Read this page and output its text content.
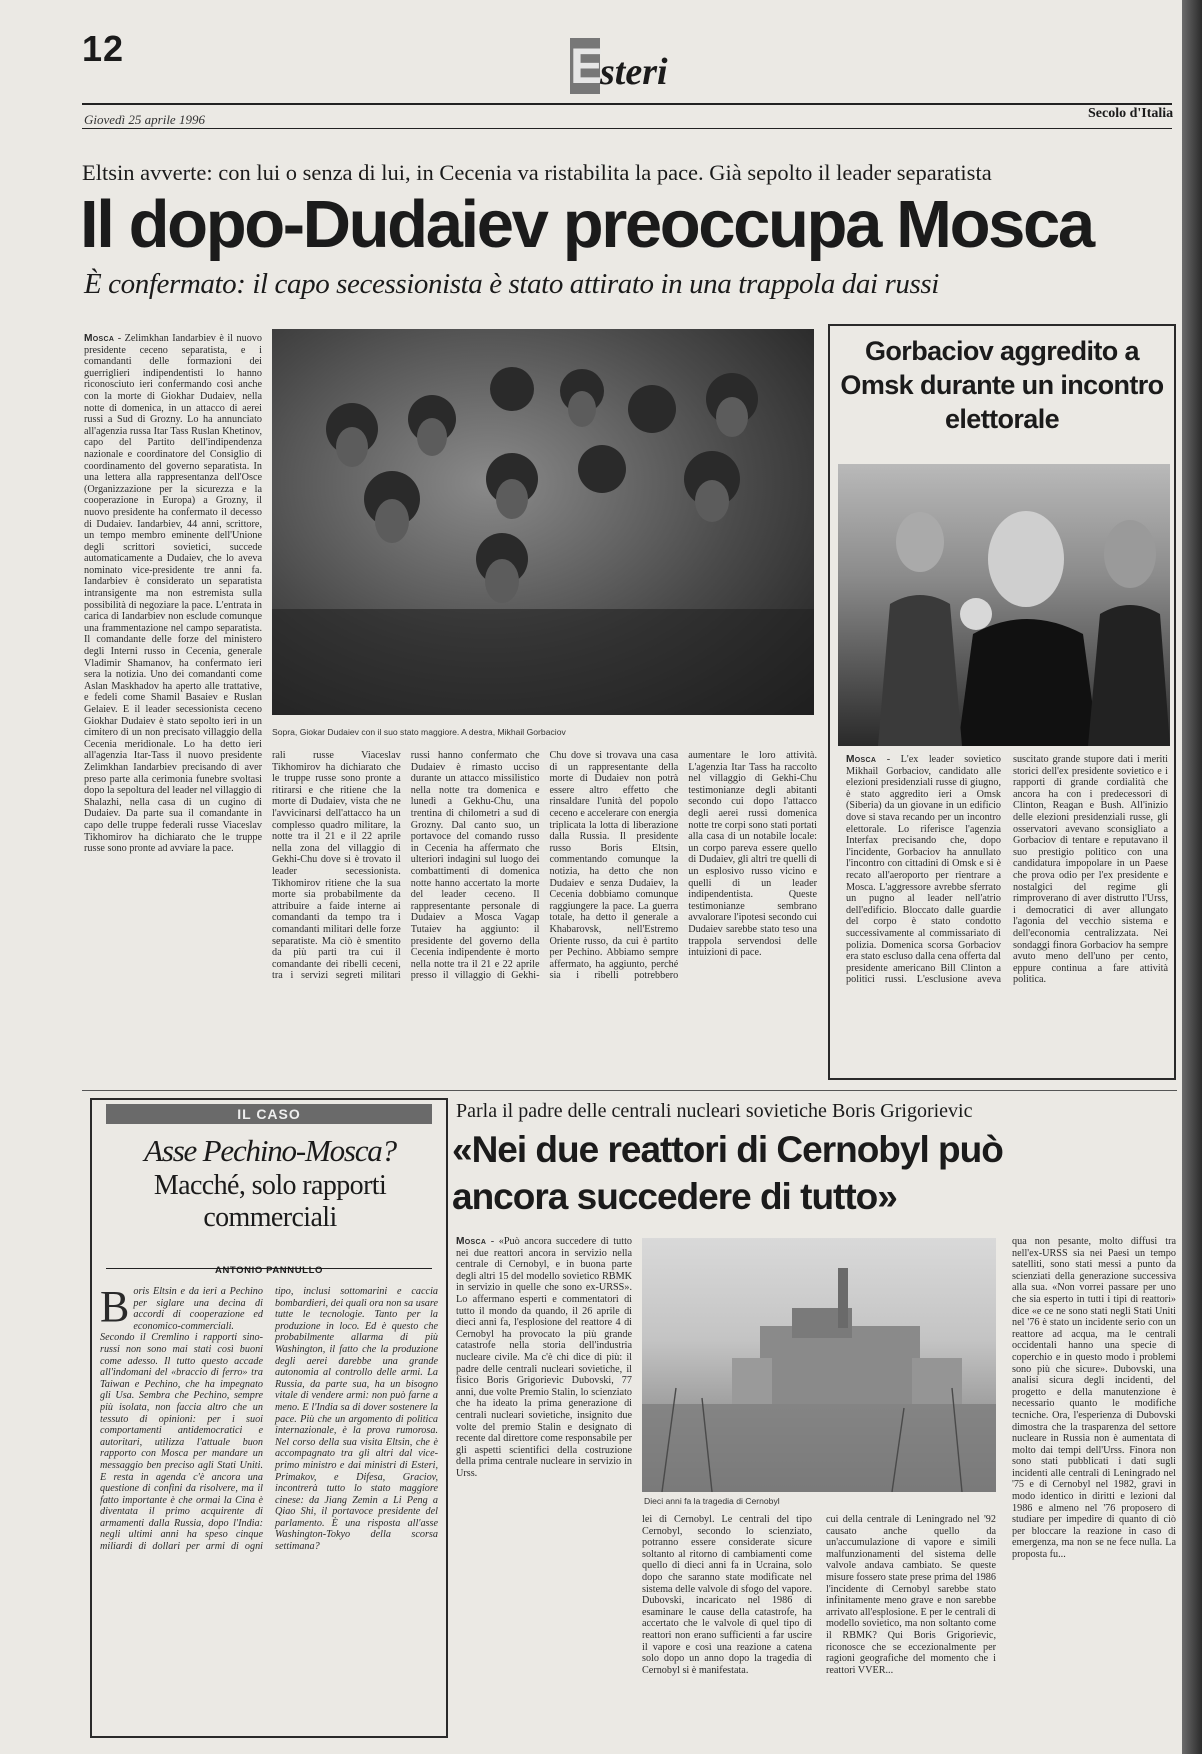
12	Esteri
Giovedì 25 aprile 1996	Secolo d'Italia
Eltsin avverte: con lui o senza di lui, in Cecenia va ristabilita la pace. Già sepolto il leader separatista
Il dopo-Dudaiev preoccupa Mosca
È confermato: il capo secessionista è stato attirato in una trappola dai russi
Sopra, Giokar Dudaiev con il suo stato maggiore. A destra, Mikhail Gorbaciov
Mosca - Zelimkhan Iandarbiev è il nuovo presidente ceceno separatista, e i comandanti delle formazioni dei guerriglieri indipendentisti lo hanno riconosciuto ieri confermando così anche con la morte di Giokhar Dudaiev, nella notte di domenica, in un attacco di aerei russi a Sud di Grozny. Lo ha annunciato all'agenzia russa Itar Tass Ruslan Khetinov, capo del Partito dell'indipendenza nazionale e coordinatore del Consiglio di coordinamento del governo separatista. In una lettera alla rappresentanza dell'Osce (Organizzazione per la sicurezza e la cooperazione in Europa) a Grozny, il nuovo presidente ha confermato il decesso di Dudaiev. Iandarbiev, 44 anni, scrittore, un tempo membro eminente dell'Unione degli scrittori sovietici, succede automaticamente a Dudaiev, che lo aveva nominato vice-presidente tre anni fa. Iandarbiev è considerato un separatista intransigente ma non estremista sulla possibilità di negoziare la pace. L'entrata in carica di Iandarbiev non esclude comunque una frammentazione nel campo separatista. Il comandante delle forze del ministero degli Interni russo in Cecenia, generale Vladimir Shamanov, ha confermato ieri sera la notizia. Uno dei comandanti come Aslan Maskhadov ha aperto alle trattative, e fedeli come Shamil Basaiev e Ruslan Gelaiev. E il leader secessionista ceceno Giokhar Dudaiev è stato sepolto ieri in un cimitero di un non precisato villaggio della Cecenia meridionale. Lo ha detto ieri all'agenzia Itar-Tass il nuovo presidente Zelimkhan Iandarbiev precisando di aver preso parte alla cerimonia funebre svoltasi dopo la sepoltura del leader nel villaggio di Shalazhi, nella casa di un cugino di Dudaiev. Da parte sua il comandante in capo delle truppe federali russe Viaceslav Tikhomirov ha dichiarato che le truppe russe sono pronte ad avviare la pace.
rali russe Viaceslav Tikhomirov ha dichiarato che le truppe russe sono pronte a ritirarsi e che ritiene che la morte di Dudaiev, vista che ne l'avvicinarsi dell'attacco ha un complesso quadro militare, la notte tra il 21 e il 22 aprile nella zona del villaggio di Gekhi-Chu dove si è trovato il leader secessionista. Tikhomirov ritiene che la sua morte sia probabilmente da attribuire a faide interne ai comandanti da tempo tra i comandanti militari delle forze separatiste. Ma ciò è smentito da più parti tra cui il comandante dei ribelli ceceni, tra i servizi segreti militari russi hanno confermato che Dudaiev è rimasto ucciso durante un attacco missilistico nella notte tra domenica e lunedì a Gekhu-Chu, una trentina di chilometri a sud di Grozny. Dal canto suo, un portavoce del comando russo in Cecenia ha affermato che ulteriori indagini sul luogo dei combattimenti di domenica notte hanno accertato la morte del leader ceceno. Il rappresentante personale di Dudaiev a Mosca Vagap Tutaiev ha aggiunto: il presidente del governo della Cecenia indipendente è morto nella notte tra il 21 e 22 aprile presso il villaggio di Gekhi-Chu dove si trovava una casa di un rappresentante della morte di Dudaiev non potrà essere altro effetto che rinsaldare l'unità del popolo ceceno e accelerare con energia triplicata la lotta di liberazione dalla Russia. Il presidente russo Boris Eltsin, commentando comunque la notizia, ha detto che non Dudaiev e senza Dudaiev, la Cecenia dobbiamo comunque raggiungere la pace. La guerra totale, ha detto il generale a Khabarovsk, nell'Estremo Oriente russo, da cui è partito per Pechino. Abbiamo sempre affermato, ha aggiunto, perché sia i ribelli potrebbero aumentare le loro attività. L'agenzia Itar Tass ha raccolto nel villaggio di Gekhi-Chu testimonianze degli abitanti secondo cui dopo l'attacco degli aerei russi domenica notte tre corpi sono stati portati alla casa di un notabile locale: un corpo pareva essere quello di Dudaiev, gli altri tre quelli di un esplosivo russo vicino e quelli di un leader indipendentista. Queste testimonianze sembrano avvalorare l'ipotesi secondo cui Dudaiev sarebbe stato teso una trappola servendosi delle intuizioni di pace.
Gorbaciov aggredito a Omsk durante un incontro elettorale
Mosca - L'ex leader sovietico Mikhail Gorbaciov, candidato alle elezioni presidenziali russe di giugno, è stato aggredito ieri a Omsk (Siberia) da un giovane in un edificio dove si stava recando per un incontro elettorale. Lo riferisce l'agenzia Interfax precisando che, dopo l'incidente, Gorbaciov ha annullato l'incontro con cittadini di Omsk e si è recato all'aeroporto per rientrare a Mosca. L'aggressore avrebbe sferrato un pugno al leader nell'atrio dell'edificio. Bloccato dalle guardie del corpo è stato condotto successivamente al commissariato di polizia. Domenica scorsa Gorbaciov era stato escluso dalla cena offerta dal presidente americano Bill Clinton a politici russi. L'esclusione aveva suscitato grande stupore dati i meriti storici dell'ex presidente sovietico e i rapporti di grande cordialità che ancora ha con i predecessori di Clinton, Reagan e Bush. All'inizio delle elezioni presidenziali russe, gli osservatori avevano sconsigliato a Gorbaciov di tentare e reputavano il suo prestigio politico con una candidatura impopolare in un Paese che prova odio per l'ex presidente e nostalgici del regime gli rimproverano di aver distrutto l'Urss, i democratici di aver allungato l'agonia del vecchio sistema e dell'economia centralizzata. Nei sondaggi finora Gorbaciov ha sempre avuto meno dell'uno per cento, eppure continua a fare attività politica.
IL CASO
Asse Pechino-Mosca?
Macché, solo rapporti commerciali
ANTONIO PANNULLO
Boris Eltsin e da ieri a Pechino per siglare una decina di accordi di cooperazione ed economico-commerciali. Secondo il Cremlino i rapporti sino-russi non sono mai stati così buoni come adesso. Il tutto questo accade all'indomani del «braccio di ferro» tra Taiwan e Pechino, che ha impegnato gli Usa. Sembra che Pechino, sempre più isolata, non faccia altro che un tessuto di opinioni: per i suoi comportamenti antidemocratici e autoritari, utilizza l'attuale buon rapporto con Mosca per mandare un messaggio ben preciso agli Stati Uniti. E resta in agenda c'è ancora una questione di confini da risolvere, ma il fatto importante è che ormai la Cina è diventata il primo acquirente di armamenti dalla Russia, dopo l'India: negli ultimi anni ha speso cinque miliardi di dollari per armi di ogni tipo, inclusi sottomarini e caccia bombardieri, dei quali ora non sa usare tutte le tecnologie. Tanto per la produzione in loco. Ed è questo che probabilmente allarma di più Washington, il fatto che la produzione degli aerei darebbe una grande autonomia al controllo delle armi. La Russia, da parte sua, ha un bisogno vitale di vendere armi: non può farne a meno. E l'India sa di dover sostenere la pace. Più che un argomento di politica internazionale, è la prova rumorosa. Nel corso della sua visita Eltsin, che è accompagnato tra gli altri dal vice-primo ministro e dai ministri di Esteri, Primakov, e Difesa, Graciov, incontrerà tutto lo stato maggiore cinese: da Jiang Zemin a Li Peng a Qiao Shi, il portavoce presidente del parlamento. È una risposta all'asse Washington-Tokyo della scorsa settimana?
Parla il padre delle centrali nucleari sovietiche Boris Grigorievic
«Nei due reattori di Cernobyl può ancora succedere di tutto»
Mosca - «Può ancora succedere di tutto nei due reattori ancora in servizio nella centrale di Cernobyl, e in buona parte degli altri 15 del modello sovietico RBMK in servizio in quelle che sono ex-URSS». Lo affermano esperti e commentatori di tutto il mondo da quando, il 26 aprile di dieci anni fa, l'esplosione del reattore 4 di Cernobyl ha provocato la più grande catastrofe nella storia dell'industria nucleare civile. Ma c'è chi dice di più: il padre delle centrali nucleari sovietiche, il fisico Boris Grigorievic Dubovski, 77 anni, due volte Premio Stalin, lo scienziato che ha ideato la prima generazione di centrali nucleari sovietiche, insignito due volte del premio Stalin e designato di recente dal direttore come responsabile per gli aspetti scientifici della costruzione della prima centrale nucleare in servizio in Urss.
Dieci anni fa la tragedia di Cernobyl
lei di Cernobyl. Le centrali del tipo Cernobyl, secondo lo scienziato, potranno essere considerate sicure soltanto al ritorno di cambiamenti come quello di dieci anni fa in Ucraina, solo dopo che saranno state modificate nel sistema delle valvole di sfogo del vapore. Dubovski, incaricato nel 1986 di esaminare le cause della catastrofe, ha accertato che le valvole di quel tipo di reattori non erano sufficienti a far uscire il vapore e così una reazione a catena solo dopo un anno dopo la tragedia di Cernobyl si è manifestata.
cui della centrale di Leningrado nel '92 causato anche quello da un'accumulazione di vapore e simili malfunzionamenti del sistema delle valvole andava cambiato. Se queste misure fossero state prese prima del 1986 l'incidente di Cernobyl sarebbe stato infinitamente meno grave e non sarebbe arrivato all'esplosione. E per le centrali di modello sovietico, ma non soltanto come il RBMK? Qui Boris Grigorievic, riconosce che se eccezionalmente per ragioni geografiche del momento che i reattori VVER...
qua non pesante, molto diffusi tra nell'ex-URSS sia nei Paesi un tempo satelliti, sono stati messi a punto da scienziati della generazione successiva alla sua. «Non vorrei passare per uno che sia esperto in tutti i tipi di reattori» dice «e ce ne sono stati negli Stati Uniti nel '76 è stato un incidente serio con un reattore ad acqua, ma le centrali occidentali hanno una specie di coperchio e in questo modo i problemi sono più che sicure». Dubovski, una analisi sicura degli incidenti, del progetto e della manutenzione è necessario quanto le modifiche tecniche. Ora, l'esperienza di Dubovski dimostra che la trasparenza del settore nucleare in Russia non è aumentata di molto dai tempi dell'Urss. Finora non sono stati pubblicati i dati sugli incidenti alle centrali di Leningrado nel '75 e di Cernobyl nel 1982, gravi in modo identico in diritti e lezioni dal 1986 e almeno nel '76 proposero di studiare per impedire di quanto di ciò per bloccare la reazione in caso di emergenza, ma non se ne fece nulla. La proposta fu...
